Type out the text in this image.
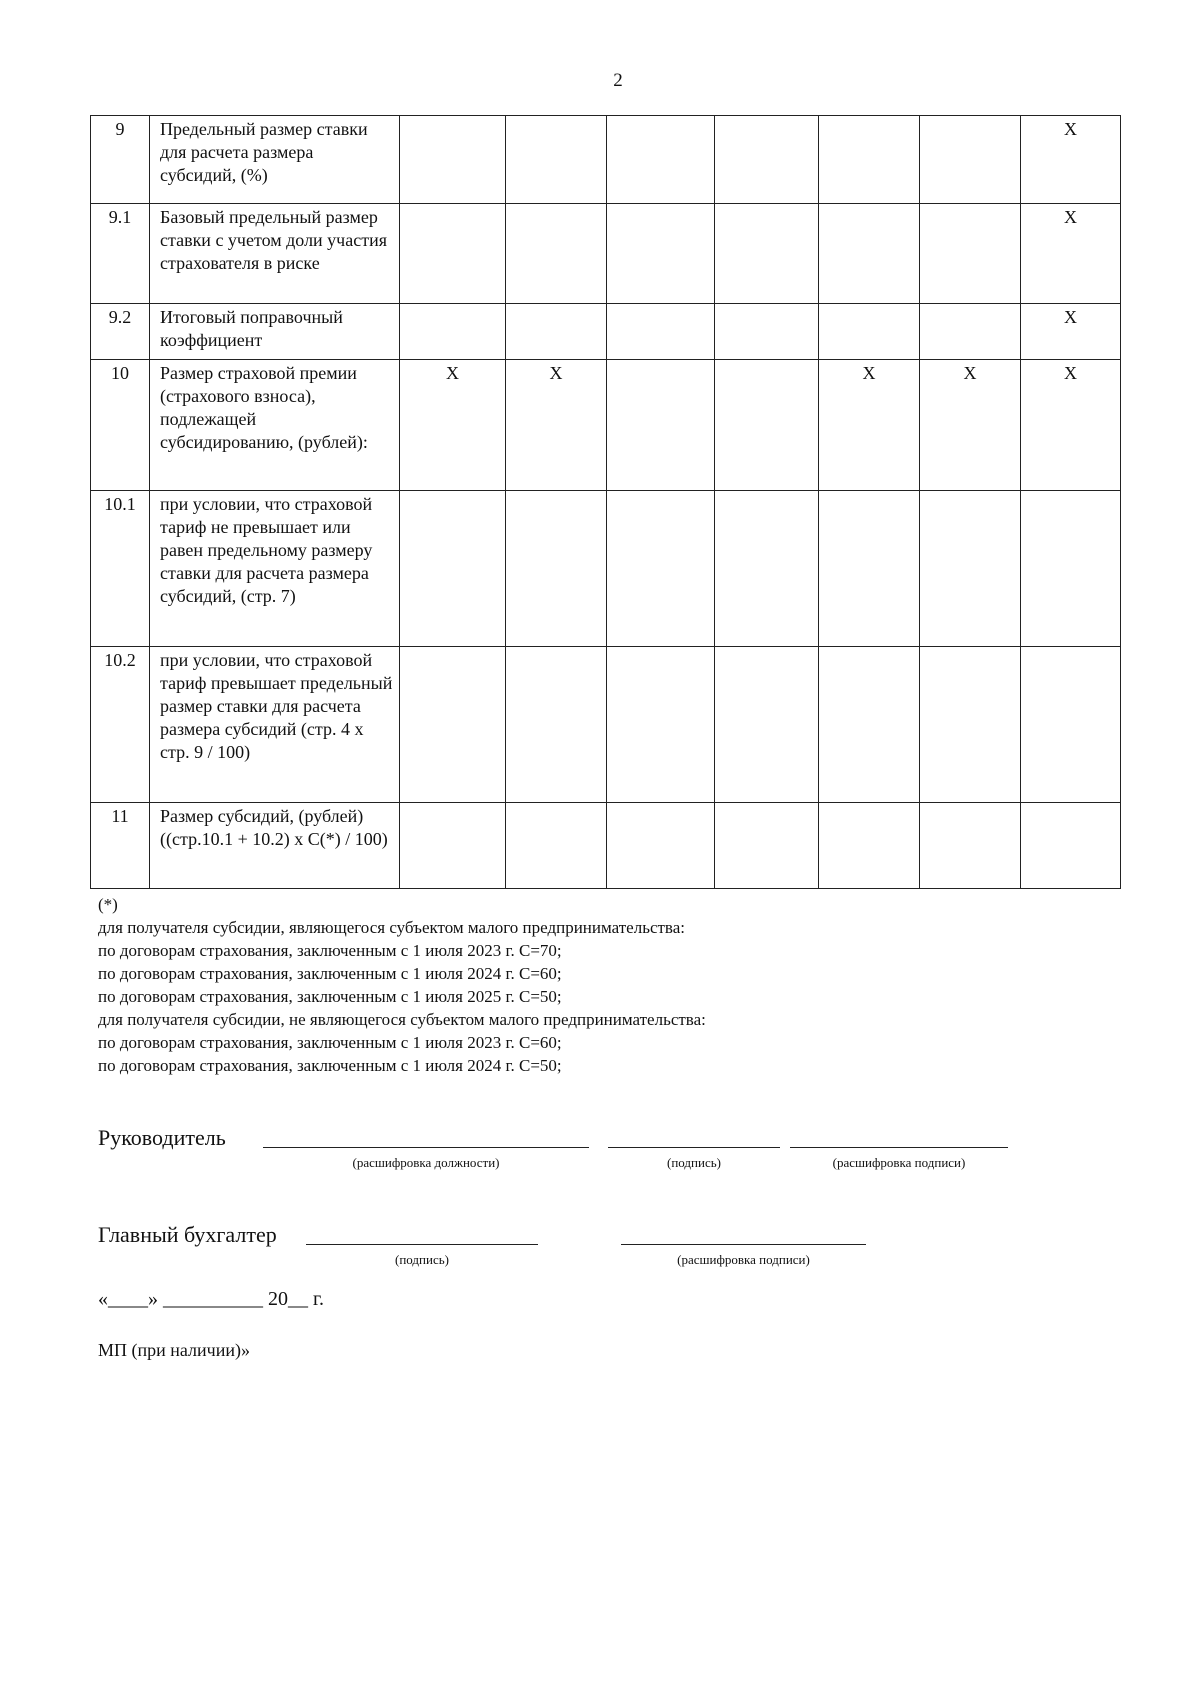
2
9	Предельный размер ставки для расчета размера субсидий, (%)							X
9.1	Базовый предельный размер ставки с учетом доли участия страхователя в риске							X
9.2	Итоговый поправочный коэффициент							X
10	Размер страховой премии (страхового взноса), подлежащей субсидированию, (рублей):	X	X			X	X	X
10.1	при условии, что страховой тариф не превышает или равен предельному размеру ставки для расчета размера субсидий, (стр. 7)							
10.2	при условии, что страховой тариф превышает предельный размер ставки для расчета размера субсидий (стр. 4 х стр. 9 / 100)							
11	Размер субсидий, (рублей) ((стр.10.1 + 10.2) х С(*) / 100)							
(*)
для получателя субсидии, являющегося субъектом малого предпринимательства:
по договорам страхования, заключенным с 1 июля 2023 г. С=70;
по договорам страхования, заключенным с 1 июля 2024 г. С=60;
по договорам страхования, заключенным с 1 июля 2025 г. С=50;
для получателя субсидии, не являющегося субъектом малого предпринимательства:
по договорам страхования, заключенным с 1 июля 2023 г. С=60;
по договорам страхования, заключенным с 1 июля 2024 г. С=50;
Руководитель
(расшифровка должности)	(подпись)	(расшифровка подписи)
Главный бухгалтер
(подпись)	(расшифровка подписи)
«____» __________ 20__ г.
МП (при наличии)»
